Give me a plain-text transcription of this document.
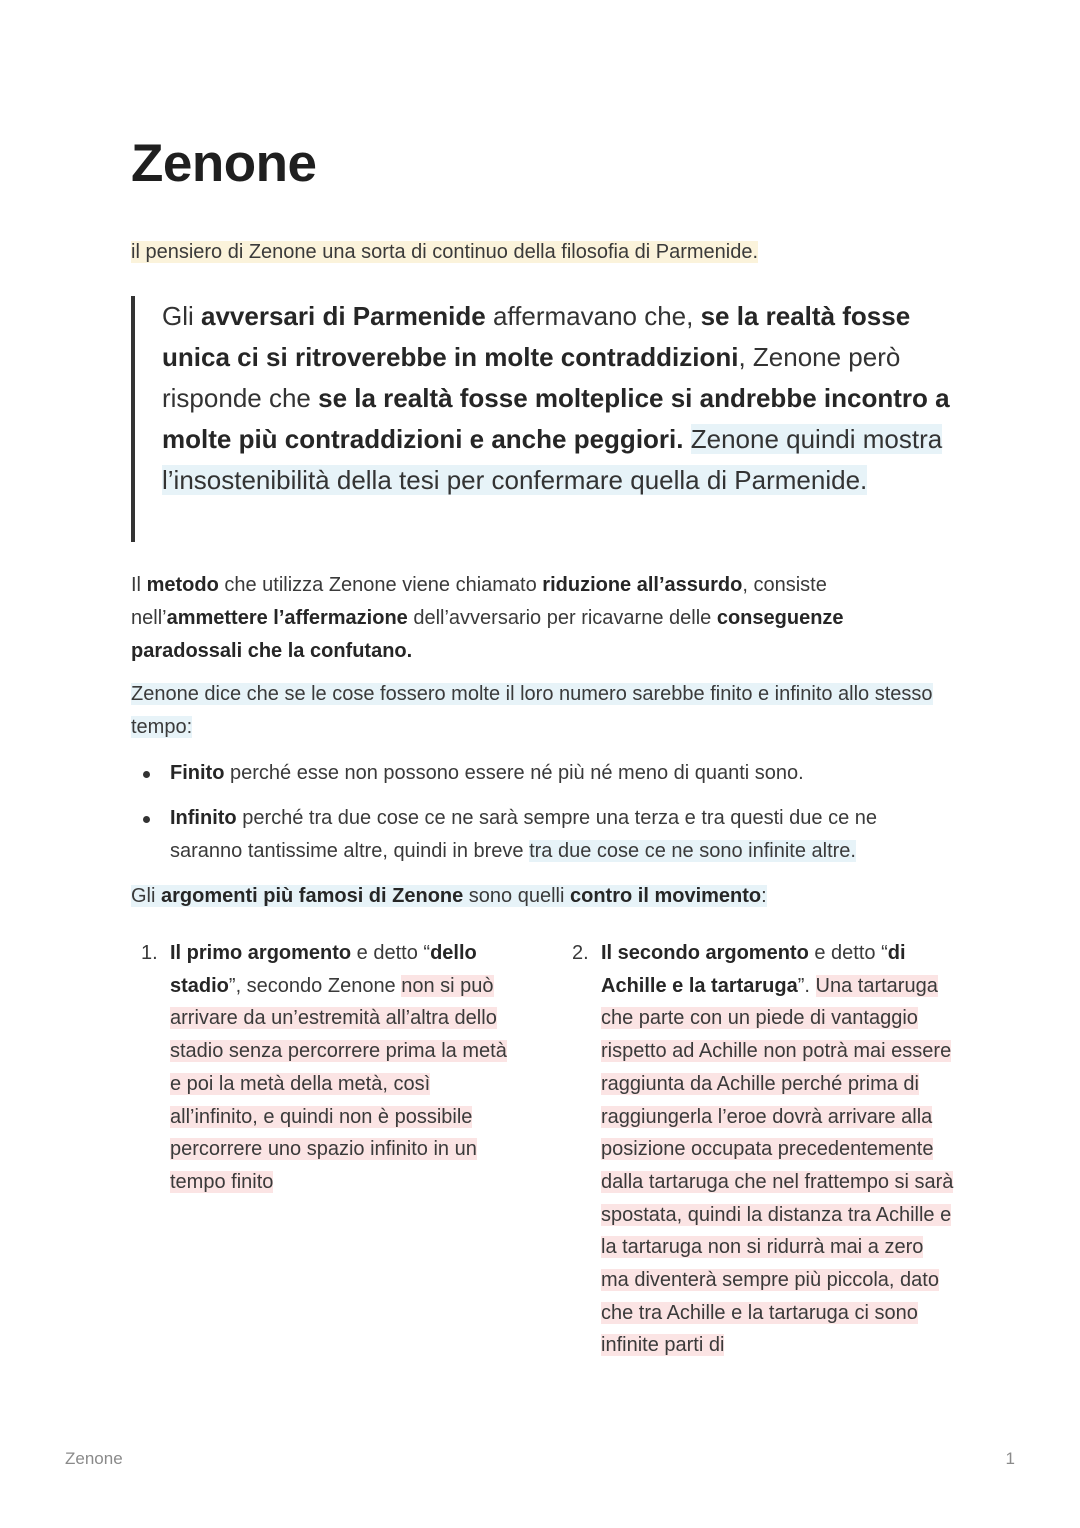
Zenone

il pensiero di Zenone una sorta di continuo della filosofia di Parmenide.

Gli avversari di Parmenide affermavano che, se la realtà fosse unica ci si ritroverebbe in molte contraddizioni, Zenone però risponde che se la realtà fosse molteplice si andrebbe incontro a molte più contraddizioni e anche peggiori. Zenone quindi mostra l’insostenibilità della tesi per confermare quella di Parmenide.

Il metodo che utilizza Zenone viene chiamato riduzione all’assurdo, consiste nell’ammettere l’affermazione dell’avversario per ricavarne delle conseguenze paradossali che la confutano.

Zenone dice che se le cose fossero molte il loro numero sarebbe finito e infinito allo stesso tempo:

Finito perché esse non possono essere né più né meno di quanti sono.
Infinito perché tra due cose ce ne sarà sempre una terza e tra questi due ce ne saranno tantissime altre, quindi in breve tra due cose ce ne sono infinite altre.

Gli argomenti più famosi di Zenone sono quelli contro il movimento:

1. Il primo argomento e detto “dello stadio”, secondo Zenone non si può arrivare da un’estremità all’altra dello stadio senza percorrere prima la metà e poi la metà della metà, così all’infinito, e quindi non è possibile percorrere uno spazio infinito in un tempo finito
2. Il secondo argomento e detto “di Achille e la tartaruga”. Una tartaruga che parte con un piede di vantaggio rispetto ad Achille non potrà mai essere raggiunta da Achille perché prima di raggiungerla l’eroe dovrà arrivare alla posizione occupata precedentemente dalla tartaruga che nel frattempo si sarà spostata, quindi la distanza tra Achille e la tartaruga non si ridurrà mai a zero ma diventerà sempre più piccola, dato che tra Achille e la tartaruga ci sono infinite parti di
Zenone	1
